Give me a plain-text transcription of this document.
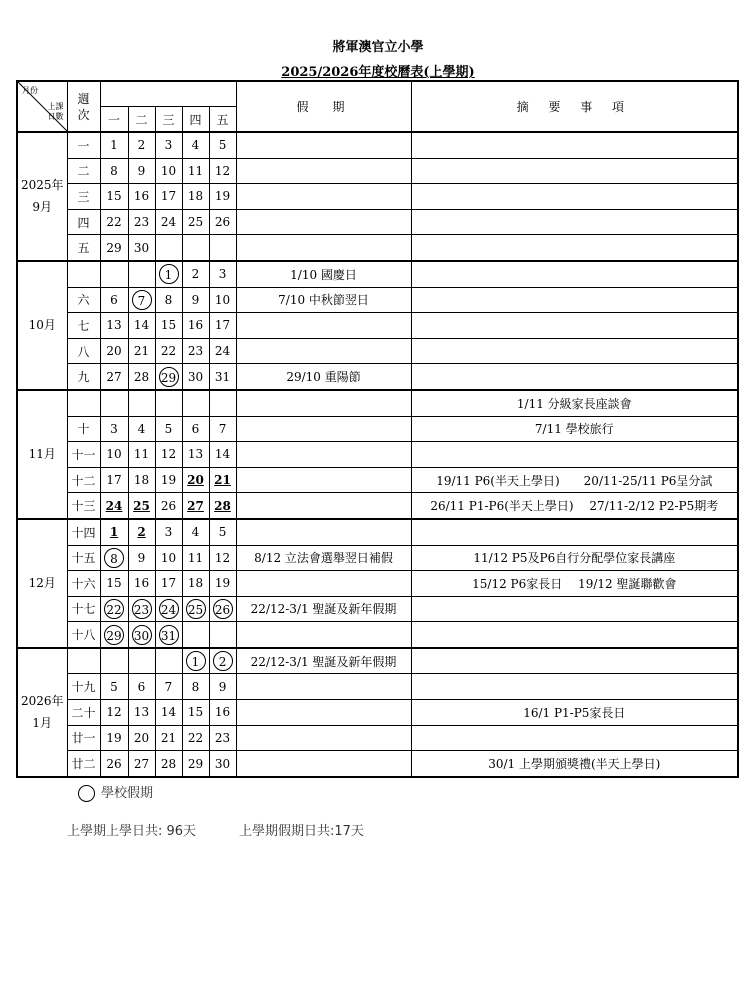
將軍澳官立小學
2025/2026年度校曆表(上學期)
月份
上課
日數	週
次						假　期	摘 要 事 項
		一	二	三	四	五		
2025年
9月	一	1	2	3	4	5		
	二	8	9	10	11	12		
	三	15	16	17	18	19		
	四	22	23	24	25	26		
	五	29	30					
10月				1	2	3	1/10 國慶日	
	六	6	7	8	9	10	7/10 中秋節翌日	
	七	13	14	15	16	17		
	八	20	21	22	23	24		
	九	27	28	29	30	31	29/10 重陽節	
11月								1/11 分級家長座談會
	十	3	4	5	6	7		7/11 學校旅行
	十一	10	11	12	13	14		
	十二	17	18	19	20	21		19/11 P6(半天上學日)　　20/11-25/11 P6呈分試
	十三	24	25	26	27	28		26/11 P1-P6(半天上學日)　 27/11-2/12 P2-P5期考
12月	十四	1	2	3	4	5		
	十五	8	9	10	11	12	8/12 立法會選舉翌日補假	11/12 P5及P6自行分配學位家長講座
	十六	15	16	17	18	19		15/12 P6家長日　 19/12 聖誕聯歡會
	十七	22	23	24	25	26	22/12-3/1 聖誕及新年假期	
	十八	29	30	31				
2026年
1月					1	2	22/12-3/1 聖誕及新年假期	
	十九	5	6	7	8	9		
	二十	12	13	14	15	16		16/1 P1-P5家長日
	廿一	19	20	21	22	23		
	廿二	26	27	28	29	30		30/1 上學期頒獎禮(半天上學日)
學校假期
上學期上學日共: 96天	上學期假期日共:17天
